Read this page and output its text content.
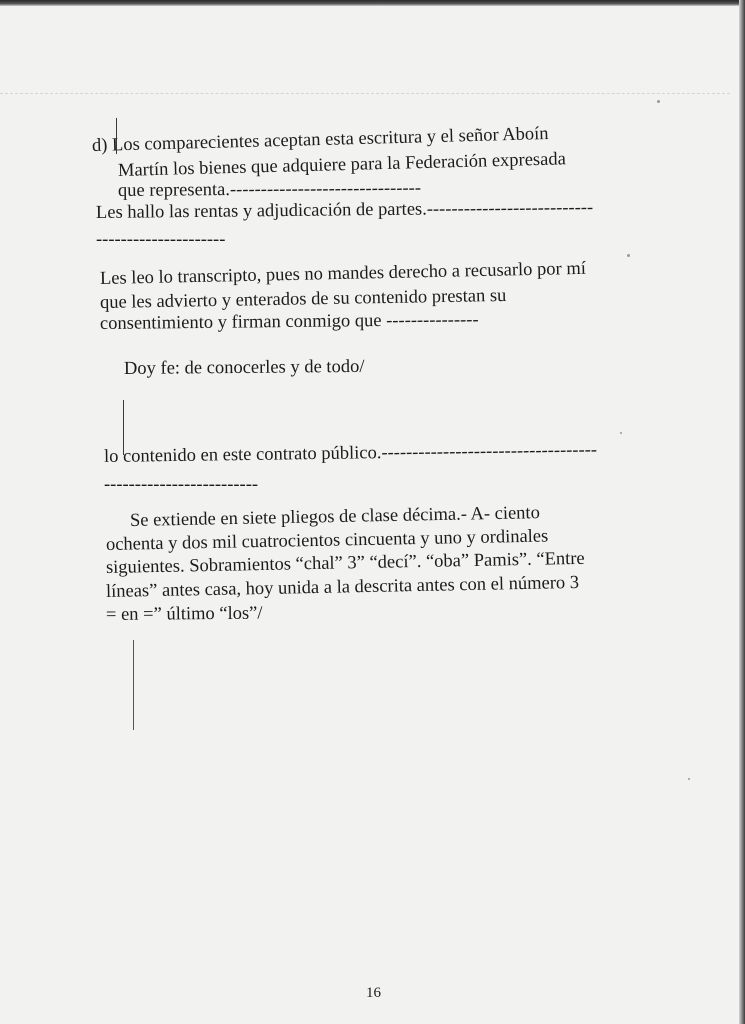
d) Los comparecientes aceptan esta escritura y el señor Aboín

Martín los bienes que adquiere para la Federación expresada

que representa.-------------------------------

Les hallo las rentas y adjudicación de partes.---------------------------

---------------------

Les leo lo transcripto, pues no mandes derecho a recusarlo por mí

que les advierto y enterados de su contenido prestan su

consentimiento y firman conmigo que ---------------

Doy fe: de conocerles y de todo/

lo contenido en este contrato público.-----------------------------------

-------------------------

Se extiende en siete pliegos de clase décima.- A- ciento

ochenta y dos mil cuatrocientos cincuenta y uno y ordinales

siguientes. Sobramientos “chal” 3” “decí”. “oba” Pamis”. “Entre

líneas” antes casa, hoy unida a la descrita antes con el número 3

= en =” último “los”/

16
